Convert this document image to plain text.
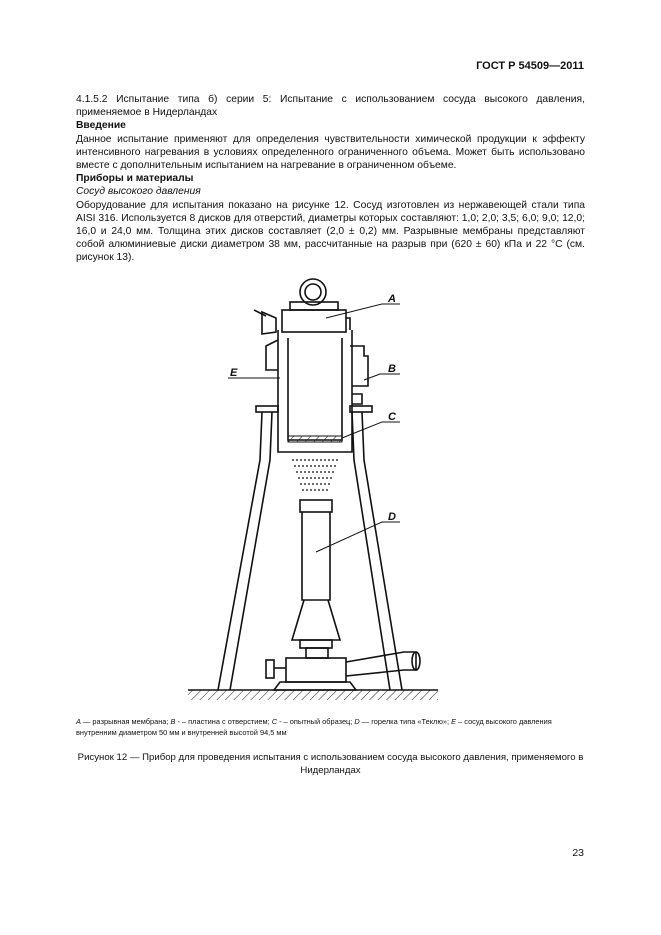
ГОСТ Р 54509—2011

4.1.5.2 Испытание типа б) серии 5: Испытание с использованием сосуда высокого давления, применяемое в Нидерландах

Введение

Данное испытание применяют для определения чувствительности химической продукции к эффекту интенсивного нагревания в условиях определенного ограниченного объема. Может быть использовано вместе с дополнительным испытанием на нагревание в ограниченном объеме.

Приборы и материалы

Сосуд высокого давления

Оборудование для испытания показано на рисунке 12. Сосуд изготовлен из нержавеющей стали типа AISI 316. Используется 8 дисков для отверстий, диаметры которых составляют: 1,0; 2,0; 3,5; 6,0; 9,0; 12,0; 16,0 и 24,0 мм. Толщина этих дисков составляет (2,0 ± 0,2) мм. Разрывные мембраны представляют собой алюминиевые диски диаметром 38 мм, рассчитанные на разрыв при (620 ± 60) кПа и 22 °С (см. рисунок 13).

A
B
C
D
E
A — разрывная мембрана; B - – пластина с отверстием; C - – опытный образец; D — горелка типа «Теклю»; E – сосуд высокого давления внутренним диаметром 50 мм и внутренней высотой 94,5 мм
Рисунок 12 — Прибор для проведения испытания с использованием сосуда высокого давления, применяемого в Нидерландах
23
